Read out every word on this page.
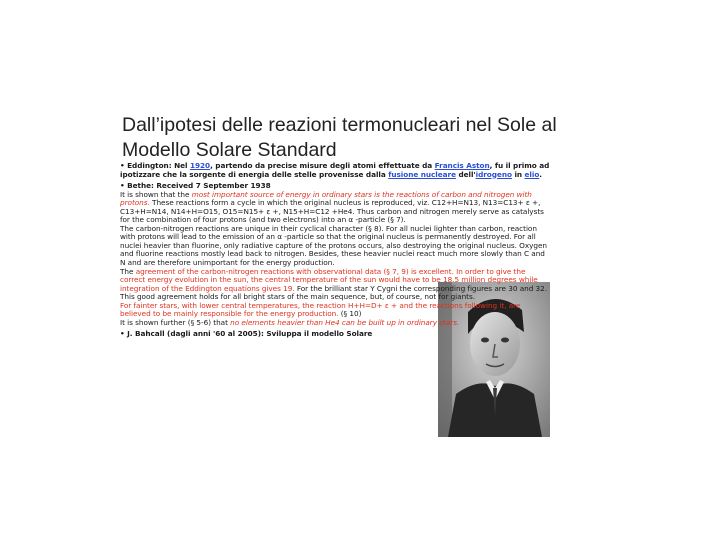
Dall’ipotesi delle reazioni termonucleari nel Sole al
Modello Solare Standard

• Eddington: Nel 1920, partendo da precise misure degli atomi effettuate da Francis Aston, fu il primo ad ipotizzare che la sorgente di energia delle stelle provenisse dalla fusione nucleare dell'idrogeno in elio.

• Bethe: Received 7 September 1938

It is shown that the most important source of energy in ordinary stars is the reactions of carbon and nitrogen with protons. These reactions form a cycle in which the original nucleus is reproduced, viz. C12+H=N13, N13=C13+ ε +, C13+H=N14, N14+H=O15, O15=N15+ ε +, N15+H=C12 +He4. Thus carbon and nitrogen merely serve as catalysts for the combination of four protons (and two electrons) into an α -particle (§ 7).

The carbon-nitrogen reactions are unique in their cyclical character (§ 8). For all nuclei lighter than carbon, reaction with protons will lead to the emission of an α -particle so that the original nucleus is permanently destroyed. For all nuclei heavier than fluorine, only radiative capture of the protons occurs, also destroying the original nucleus. Oxygen and fluorine reactions mostly lead back to nitrogen. Besides, these heavier nuclei react much more slowly than C and N and are therefore unimportant for the energy production.

The agreement of the carbon-nitrogen reactions with observational data (§ 7, 9) is excellent. In order to give the correct energy evolution in the sun, the central temperature of the sun would have to be 18.5 million degrees while integration of the Eddington equations gives 19. For the brilliant star Y Cygni the corresponding figures are 30 and 32. This good agreement holds for all bright stars of the main sequence, but, of course, not for giants.

For fainter stars, with lower central temperatures, the reaction H+H=D+ ε + and the reactions following it, are believed to be mainly responsible for the energy production. (§ 10)

It is shown further (§ 5-6) that no elements heavier than He4 can be built up in ordinary stars.

• J. Bahcall (dagli anni '60 al 2005): Sviluppa il modello Solare
